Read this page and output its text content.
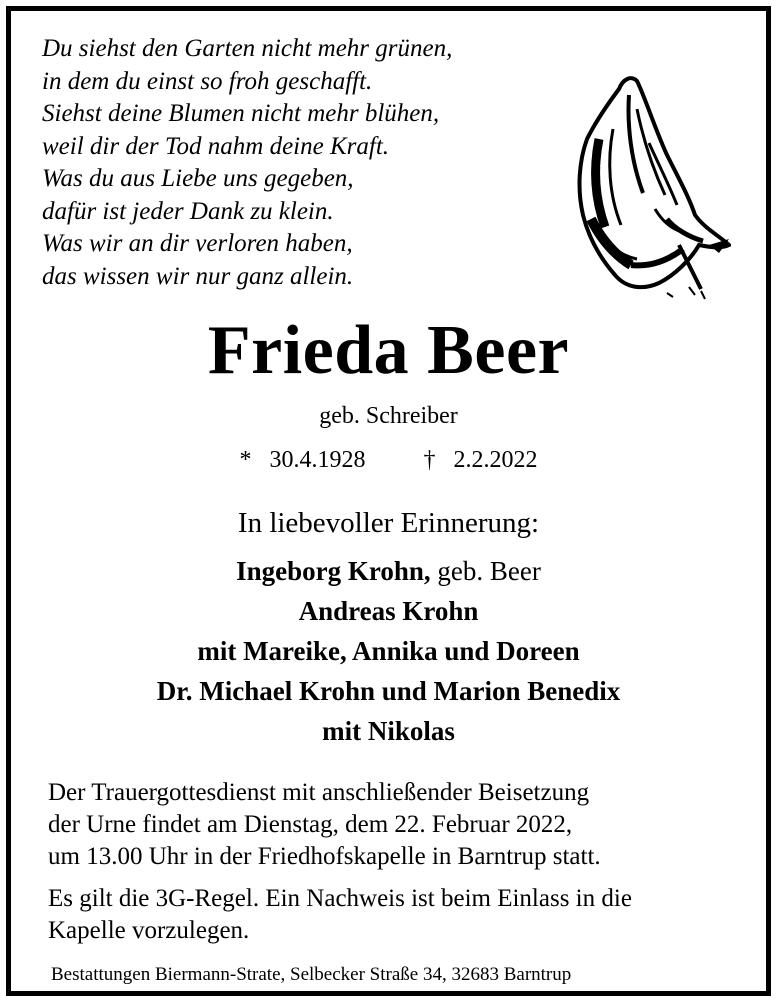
Du siehst den Garten nicht mehr grünen,
in dem du einst so froh geschafft.
Siehst deine Blumen nicht mehr blühen,
weil dir der Tod nahm deine Kraft.
Was du aus Liebe uns gegeben,
dafür ist jeder Dank zu klein.
Was wir an dir verloren haben,
das wissen wir nur ganz allein.
Frieda Beer
geb. Schreiber
* 30.4.1928 † 2.2.2022
In liebevoller Erinnerung:
Ingeborg Krohn, geb. Beer
Andreas Krohn
mit Mareike, Annika und Doreen
Dr. Michael Krohn und Marion Benedix
mit Nikolas
Der Trauergottesdienst mit anschließender Beisetzung
der Urne findet am Dienstag, dem 22. Februar 2022,
um 13.00 Uhr in der Friedhofskapelle in Barntrup statt.
Es gilt die 3G-Regel. Ein Nachweis ist beim Einlass in die
Kapelle vorzulegen.
Bestattungen Biermann-Strate, Selbecker Straße 34, 32683 Barntrup
